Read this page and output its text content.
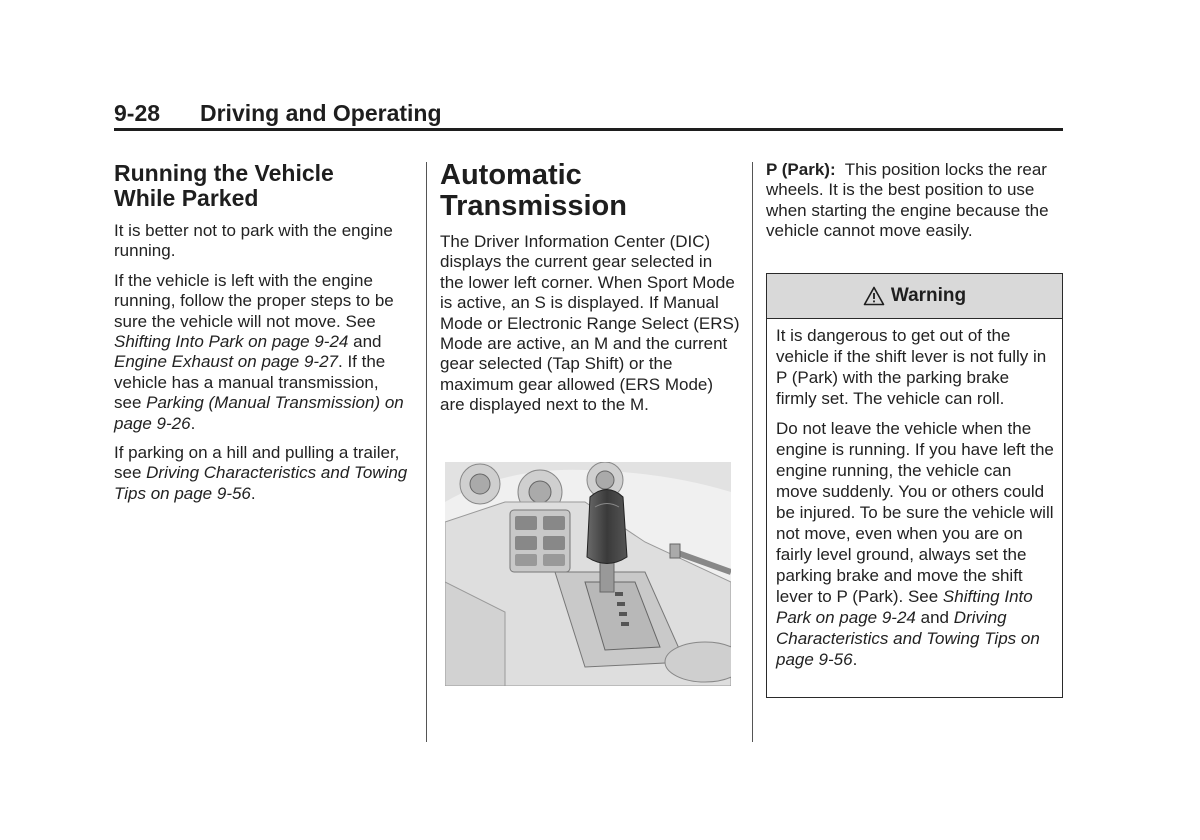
9-28 Driving and Operating
Running the Vehicle
While Parked

It is better not to park with the engine running.

If the vehicle is left with the engine running, follow the proper steps to be sure the vehicle will not move. See Shifting Into Park on page 9-24 and Engine Exhaust on page 9-27. If the vehicle has a manual transmission, see Parking (Manual Transmission) on page 9-26.

If parking on a hill and pulling a trailer, see Driving Characteristics and Towing Tips on page 9-56.

Automatic
Transmission

The Driver Information Center (DIC) displays the current gear selected in the lower left corner. When Sport Mode is active, an S is displayed. If Manual Mode or Electronic Range Select (ERS) Mode are active, an M and the current gear selected (Tap Shift) or the maximum gear allowed (ERS Mode) are displayed next to the M.

P (Park):  This position locks the rear wheels. It is the best position to use when starting the engine because the vehicle cannot move easily.

Warning

It is dangerous to get out of the vehicle if the shift lever is not fully in P (Park) with the parking brake firmly set. The vehicle can roll.

Do not leave the vehicle when the engine is running. If you have left the engine running, the vehicle can move suddenly. You or others could be injured. To be sure the vehicle will not move, even when you are on fairly level ground, always set the parking brake and move the shift lever to P (Park). See Shifting Into Park on page 9-24 and Driving Characteristics and Towing Tips on page 9-56.
